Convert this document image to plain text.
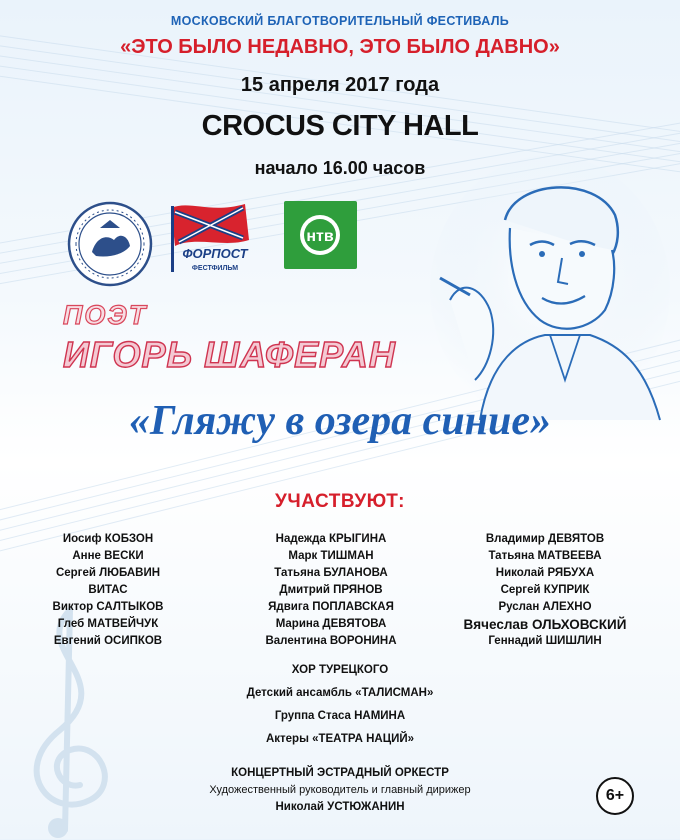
МОСКОВСКИЙ БЛАГОТВОРИТЕЛЬНЫЙ ФЕСТИВАЛЬ
«ЭТО БЫЛО НЕДАВНО, ЭТО БЫЛО ДАВНО»
15 апреля 2017 года
CROCUS CITY HALL
начало 16.00 часов
ФОРПОСТ
ФЕСТФИЛЬМ
нтв
ПОЭТ
ИГОРЬ ШАФЕРАН
«Гляжу в озера синие»
УЧАСТВУЮТ:
Иосиф КОБЗОН
Анне ВЕСКИ
Сергей ЛЮБАВИН
ВИТАС
Виктор САЛТЫКОВ
Глеб МАТВЕЙЧУК
Евгений ОСИПКОВ
Надежда КРЫГИНА
Марк ТИШМАН
Татьяна БУЛАНОВА
Дмитрий ПРЯНОВ
Ядвига ПОПЛАВСКАЯ
Марина ДЕВЯТОВА
Валентина ВОРОНИНА
Владимир ДЕВЯТОВ
Татьяна МАТВЕЕВА
Николай РЯБУХА
Сергей КУПРИК
Руслан АЛЕХНО
Вячеслав ОЛЬХОВСКИЙ
Геннадий ШИШЛИН
ХОР ТУРЕЦКОГО
Детский ансамбль «ТАЛИСМАН»
Группа Стаса НАМИНА
Актеры «ТЕАТРА НАЦИЙ»
КОНЦЕРТНЫЙ ЭСТРАДНЫЙ ОРКЕСТР
Художественный руководитель и главный дирижер
Николай УСТЮЖАНИН
6+
